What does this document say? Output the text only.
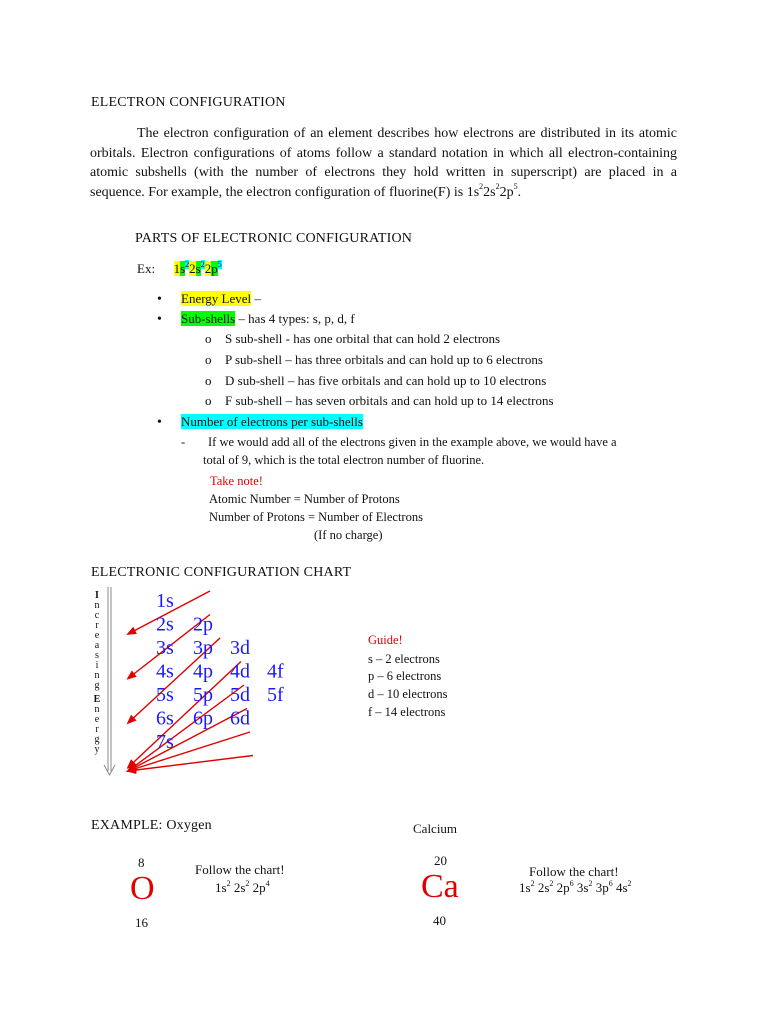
ELECTRON CONFIGURATION
The electron configuration of an element describes how electrons are distributed in its atomic orbitals. Electron configurations of atoms follow a standard notation in which all electron-containing atomic subshells (with the number of electrons they hold written in superscript) are placed in a sequence. For example, the electron configuration of fluorine(F) is $1s^22s^22p^5$.
PARTS OF ELECTRONIC CONFIGURATION
Ex: $1s^22s^22p^5$
• Energy Level –
• Sub-shells – has 4 types: s, p, d, f
o S sub-shell - has one orbital that can hold 2 electrons
o P sub-shell – has three orbitals and can hold up to 6 electrons
o D sub-shell – has five orbitals and can hold up to 10 electrons
o F sub-shell – has seven orbitals and can hold up to 14 electrons
• Number of electrons per sub-shells
- If we would add all of the electrons given in the example above, we would have a
total of 9, which is the total electron number of fluorine.
Take note!
Atomic Number = Number of Protons
Number of Protons = Number of Electrons
(If no charge)
ELECTRONIC CONFIGURATION CHART
I
n
c
r
e
a
s
i
n
g
E
n
e
r
g
y
1s
2s 2p
3s 3p 3d
4s 4p 4d 4f
5s 5p 5d 5f
6s 6p 6d
7s
Guide!
s – 2 electrons
p – 6 electrons
d – 10 electrons
f – 14 electrons
EXAMPLE: Oxygen	Calcium
8
O
16
Follow the chart!
$1s^2$ $2s^2$ $2p^4$
20
Ca
40
Follow the chart!
$1s^2$ $2s^2$ $2p^6$ $3s^2$ $3p^6$ $4s^2$
